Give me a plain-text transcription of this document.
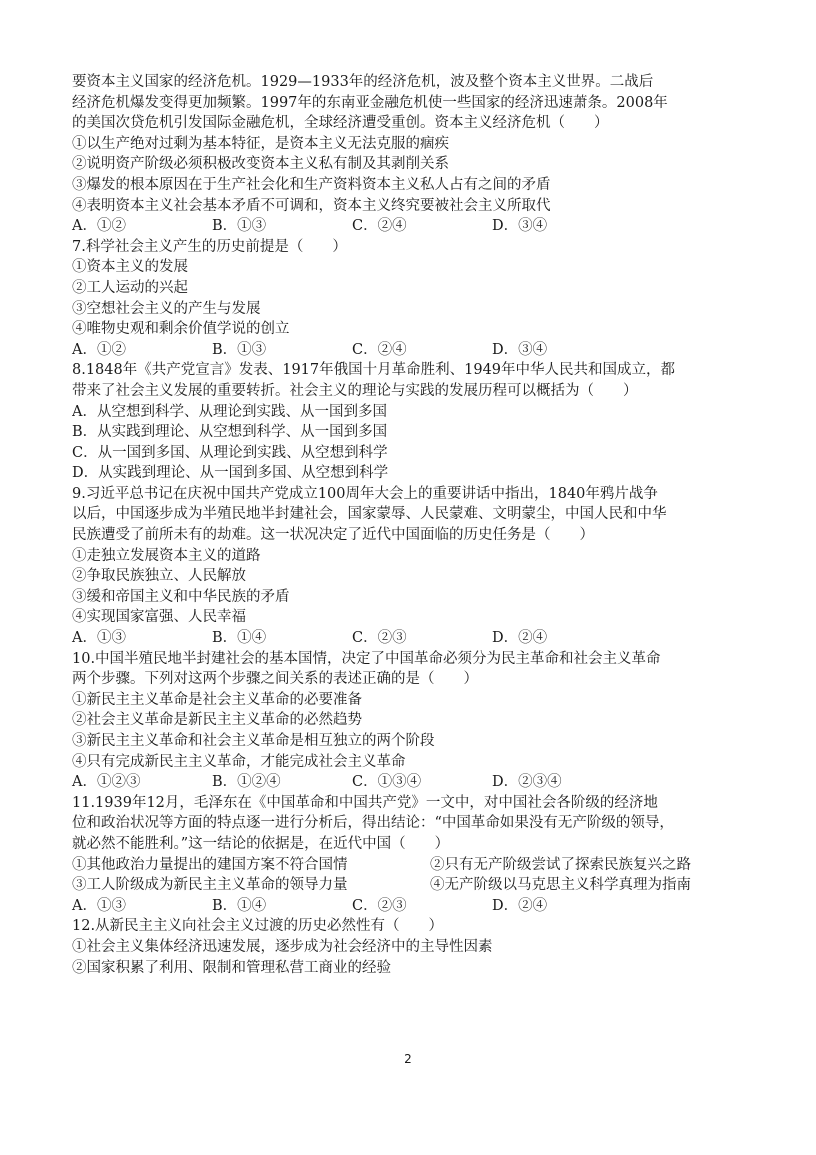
要资本主义国家的经济危机。1929—1933年的经济危机，波及整个资本主义世界。二战后
经济危机爆发变得更加频繁。1997年的东南亚金融危机使一些国家的经济迅速萧条。2008年
的美国次贷危机引发国际金融危机，全球经济遭受重创。资本主义经济危机（　　）
①以生产绝对过剩为基本特征，是资本主义无法克服的痼疾
②说明资产阶级必须积极改变资本主义私有制及其剥削关系
③爆发的根本原因在于生产社会化和生产资料资本主义私人占有之间的矛盾
④表明资本主义社会基本矛盾不可调和，资本主义终究要被社会主义所取代
A．①②	B．①③	C．②④	D．③④
7.科学社会主义产生的历史前提是（　　）
①资本主义的发展
②工人运动的兴起
③空想社会主义的产生与发展
④唯物史观和剩余价值学说的创立
A．①②	B．①③	C．②④	D．③④
8.1848年《共产党宣言》发表、1917年俄国十月革命胜利、1949年中华人民共和国成立，都
带来了社会主义发展的重要转折。社会主义的理论与实践的发展历程可以概括为（　　）
A．从空想到科学、从理论到实践、从一国到多国
B．从实践到理论、从空想到科学、从一国到多国
C．从一国到多国、从理论到实践、从空想到科学
D．从实践到理论、从一国到多国、从空想到科学
9.习近平总书记在庆祝中国共产党成立100周年大会上的重要讲话中指出，1840年鸦片战争
以后，中国逐步成为半殖民地半封建社会，国家蒙辱、人民蒙难、文明蒙尘，中国人民和中华
民族遭受了前所未有的劫难。这一状况决定了近代中国面临的历史任务是（　　）
①走独立发展资本主义的道路
②争取民族独立、人民解放
③缓和帝国主义和中华民族的矛盾
④实现国家富强、人民幸福
A．①③	B．①④	C．②③	D．②④
10.中国半殖民地半封建社会的基本国情，决定了中国革命必须分为民主革命和社会主义革命
两个步骤。下列对这两个步骤之间关系的表述正确的是（　　）
①新民主主义革命是社会主义革命的必要准备
②社会主义革命是新民主主义革命的必然趋势
③新民主主义革命和社会主义革命是相互独立的两个阶段
④只有完成新民主主义革命，才能完成社会主义革命
A．①②③	B．①②④	C．①③④	D．②③④
11.1939年12月，毛泽东在《中国革命和中国共产党》一文中，对中国社会各阶级的经济地
位和政治状况等方面的特点逐一进行分析后，得出结论：“中国革命如果没有无产阶级的领导，
就必然不能胜利。”这一结论的依据是，在近代中国（　　）
①其他政治力量提出的建国方案不符合国情	②只有无产阶级尝试了探索民族复兴之路
③工人阶级成为新民主主义革命的领导力量	④无产阶级以马克思主义科学真理为指南
A．①③	B．①④	C．②③	D．②④
12.从新民主主义向社会主义过渡的历史必然性有（　　）
①社会主义集体经济迅速发展，逐步成为社会经济中的主导性因素
②国家积累了利用、限制和管理私营工商业的经验
2
